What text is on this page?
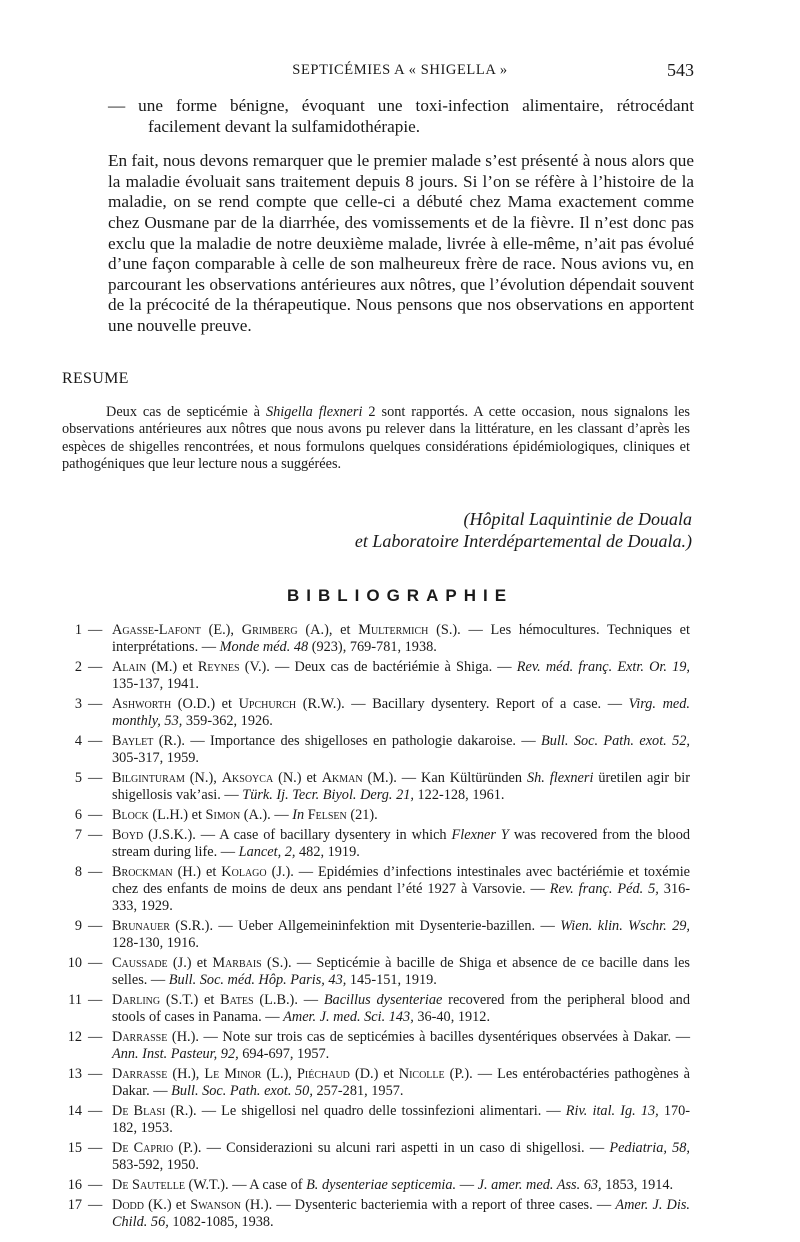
SEPTICÉMIES A « SHIGELLA »	543

— une forme bénigne, évoquant une toxi-infection alimentaire, rétrocédant facilement devant la sulfamidothérapie.

En fait, nous devons remarquer que le premier malade s’est présenté à nous alors que la maladie évoluait sans traitement depuis 8 jours. Si l’on se réfère à l’histoire de la maladie, on se rend compte que celle-ci a débuté chez Mama exactement comme chez Ousmane par de la diarrhée, des vomissements et de la fièvre. Il n’est donc pas exclu que la maladie de notre deuxième malade, livrée à elle-même, n’ait pas évolué d’une façon comparable à celle de son malheureux frère de race. Nous avions vu, en parcourant les observations antérieures aux nôtres, que l’évolution dépendait souvent de la précocité de la thérapeutique. Nous pensons que nos observations en apportent une nouvelle preuve.

RESUME
Deux cas de septicémie à Shigella flexneri 2 sont rapportés. A cette occasion, nous signalons les observations antérieures aux nôtres que nous avons pu relever dans la littérature, en les classant d’après les espèces de shigelles rencontrées, et nous formulons quelques considérations épidémiologiques, cliniques et pathogéniques que leur lecture nous a suggérées.
(Hôpital Laquintinie de Douala
et Laboratoire Interdépartemental de Douala.)
BIBLIOGRAPHIE
1 — Agasse-Lafont (E.), Grimberg (A.), et Multermich (S.). — Les hémocultures. Techniques et interprétations. — Monde méd. 48 (923), 769-781, 1938.
2 — Alain (M.) et Reynes (V.). — Deux cas de bactériémie à Shiga. — Rev. méd. franç. Extr. Or. 19, 135-137, 1941.
3 — Ashworth (O.D.) et Upchurch (R.W.). — Bacillary dysentery. Report of a case. — Virg. med. monthly, 53, 359-362, 1926.
4 — Baylet (R.). — Importance des shigelloses en pathologie dakaroise. — Bull. Soc. Path. exot. 52, 305-317, 1959.
5 — Bilginturam (N.), Aksoyca (N.) et Akman (M.). — Kan Kültüründen Sh. flexneri üretilen agir bir shigellosis vak’asi. — Türk. Ij. Tecr. Biyol. Derg. 21, 122-128, 1961.
6 — Block (L.H.) et Simon (A.). — In Felsen (21).
7 — Boyd (J.S.K.). — A case of bacillary dysentery in which Flexner Y was recovered from the blood stream during life. — Lancet, 2, 482, 1919.
8 — Brockman (H.) et Kolago (J.). — Epidémies d’infections intestinales avec bactériémie et toxémie chez des enfants de moins de deux ans pendant l’été 1927 à Varsovie. — Rev. franç. Péd. 5, 316-333, 1929.
9 — Brunauer (S.R.). — Ueber Allgemeininfektion mit Dysenterie-bazillen. — Wien. klin. Wschr. 29, 128-130, 1916.
10 — Caussade (J.) et Marbais (S.). — Septicémie à bacille de Shiga et absence de ce bacille dans les selles. — Bull. Soc. méd. Hôp. Paris, 43, 145-151, 1919.
11 — Darling (S.T.) et Bates (L.B.). — Bacillus dysenteriae recovered from the peripheral blood and stools of cases in Panama. — Amer. J. med. Sci. 143, 36-40, 1912.
12 — Darrasse (H.). — Note sur trois cas de septicémies à bacilles dysentériques observées à Dakar. — Ann. Inst. Pasteur, 92, 694-697, 1957.
13 — Darrasse (H.), Le Minor (L.), Piéchaud (D.) et Nicolle (P.). — Les entérobactéries pathogènes à Dakar. — Bull. Soc. Path. exot. 50, 257-281, 1957.
14 — De Blasi (R.). — Le shigellosi nel quadro delle tossinfezioni alimentari. — Riv. ital. Ig. 13, 170-182, 1953.
15 — De Caprio (P.). — Considerazioni su alcuni rari aspetti in un caso di shigellosi. — Pediatria, 58, 583-592, 1950.
16 — De Sautelle (W.T.). — A case of B. dysenteriae septicemia. — J. amer. med. Ass. 63, 1853, 1914.
17 — Dodd (K.) et Swanson (H.). — Dysenteric bacteriemia with a report of three cases. — Amer. J. Dis. Child. 56, 1082-1085, 1938.
